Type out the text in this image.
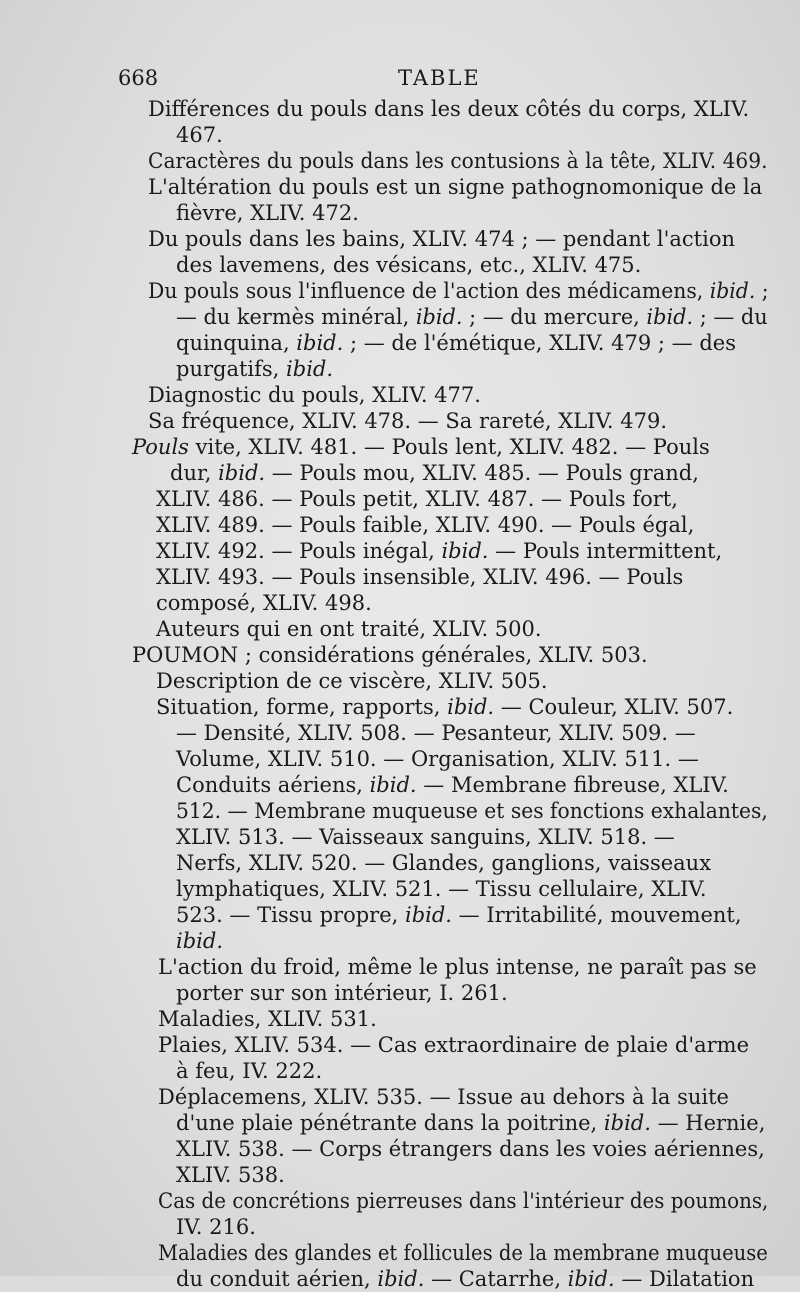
668	TABLE
Différences du pouls dans les deux côtés du corps, XLIV.
467.
Caractères du pouls dans les contusions à la tête, XLIV. 469.
L'altération du pouls est un signe pathognomonique de la
fièvre, XLIV. 472.
Du pouls dans les bains, XLIV. 474 ; — pendant l'action
des lavemens, des vésicans, etc., XLIV. 475.
Du pouls sous l'influence de l'action des médicamens, ibid. ;
— du kermès minéral, ibid. ; — du mercure, ibid. ; — du
quinquina, ibid. ; — de l'émétique, XLIV. 479 ; — des
purgatifs, ibid.
Diagnostic du pouls, XLIV. 477.
Sa fréquence, XLIV. 478. — Sa rareté, XLIV. 479.
Pouls vite, XLIV. 481. — Pouls lent, XLIV. 482. — Pouls
dur, ibid. — Pouls mou, XLIV. 485. — Pouls grand,
XLIV. 486. — Pouls petit, XLIV. 487. — Pouls fort,
XLIV. 489. — Pouls faible, XLIV. 490. — Pouls égal,
XLIV. 492. — Pouls inégal, ibid. — Pouls intermittent,
XLIV. 493. — Pouls insensible, XLIV. 496. — Pouls
composé, XLIV. 498.
Auteurs qui en ont traité, XLIV. 500.
POUMON ; considérations générales, XLIV. 503.
Description de ce viscère, XLIV. 505.
Situation, forme, rapports, ibid. — Couleur, XLIV. 507.
— Densité, XLIV. 508. — Pesanteur, XLIV. 509. —
Volume, XLIV. 510. — Organisation, XLIV. 511. —
Conduits aériens, ibid. — Membrane fibreuse, XLIV.
512. — Membrane muqueuse et ses fonctions exhalantes,
XLIV. 513. — Vaisseaux sanguins, XLIV. 518. —
Nerfs, XLIV. 520. — Glandes, ganglions, vaisseaux
lymphatiques, XLIV. 521. — Tissu cellulaire, XLIV.
523. — Tissu propre, ibid. — Irritabilité, mouvement,
ibid.
L'action du froid, même le plus intense, ne paraît pas se
porter sur son intérieur, I. 261.
Maladies, XLIV. 531.
Plaies, XLIV. 534. — Cas extraordinaire de plaie d'arme
à feu, IV. 222.
Déplacemens, XLIV. 535. — Issue au dehors à la suite
d'une plaie pénétrante dans la poitrine, ibid. — Hernie,
XLIV. 538. — Corps étrangers dans les voies aériennes,
XLIV. 538.
Cas de concrétions pierreuses dans l'intérieur des poumons,
IV. 216.
Maladies des glandes et follicules de la membrane muqueuse
du conduit aérien, ibid. — Catarrhe, ibid. — Dilatation
